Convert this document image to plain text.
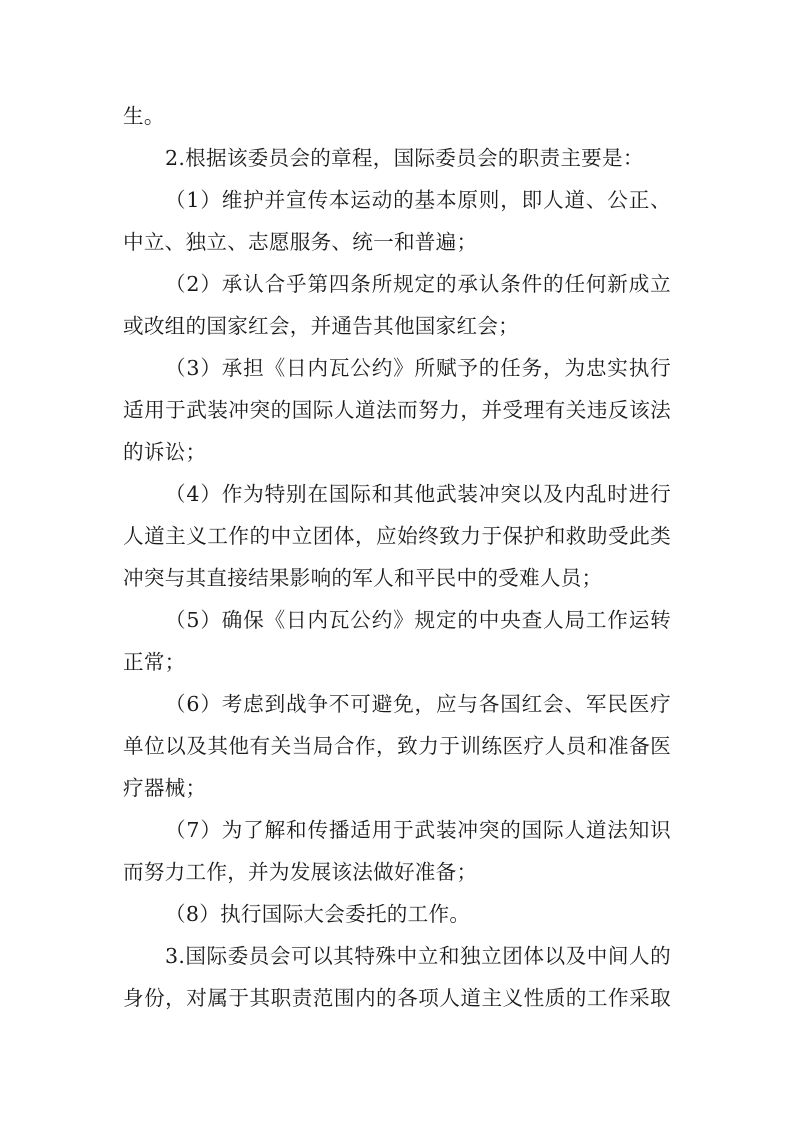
生。
2.根据该委员会的章程，国际委员会的职责主要是：
（1）维护并宣传本运动的基本原则，即人道、公正、
中立、独立、志愿服务、统一和普遍；
（2）承认合乎第四条所规定的承认条件的任何新成立
或改组的国家红会，并通告其他国家红会；
（3）承担《日内瓦公约》所赋予的任务，为忠实执行
适用于武装冲突的国际人道法而努力，并受理有关违反该法
的诉讼；
（4）作为特别在国际和其他武装冲突以及内乱时进行
人道主义工作的中立团体，应始终致力于保护和救助受此类
冲突与其直接结果影响的军人和平民中的受难人员；
（5）确保《日内瓦公约》规定的中央查人局工作运转
正常；
（6）考虑到战争不可避免，应与各国红会、军民医疗
单位以及其他有关当局合作，致力于训练医疗人员和准备医
疗器械；
（7）为了解和传播适用于武装冲突的国际人道法知识
而努力工作，并为发展该法做好准备；
（8）执行国际大会委托的工作。
3.国际委员会可以其特殊中立和独立团体以及中间人的
身份，对属于其职责范围内的各项人道主义性质的工作采取
